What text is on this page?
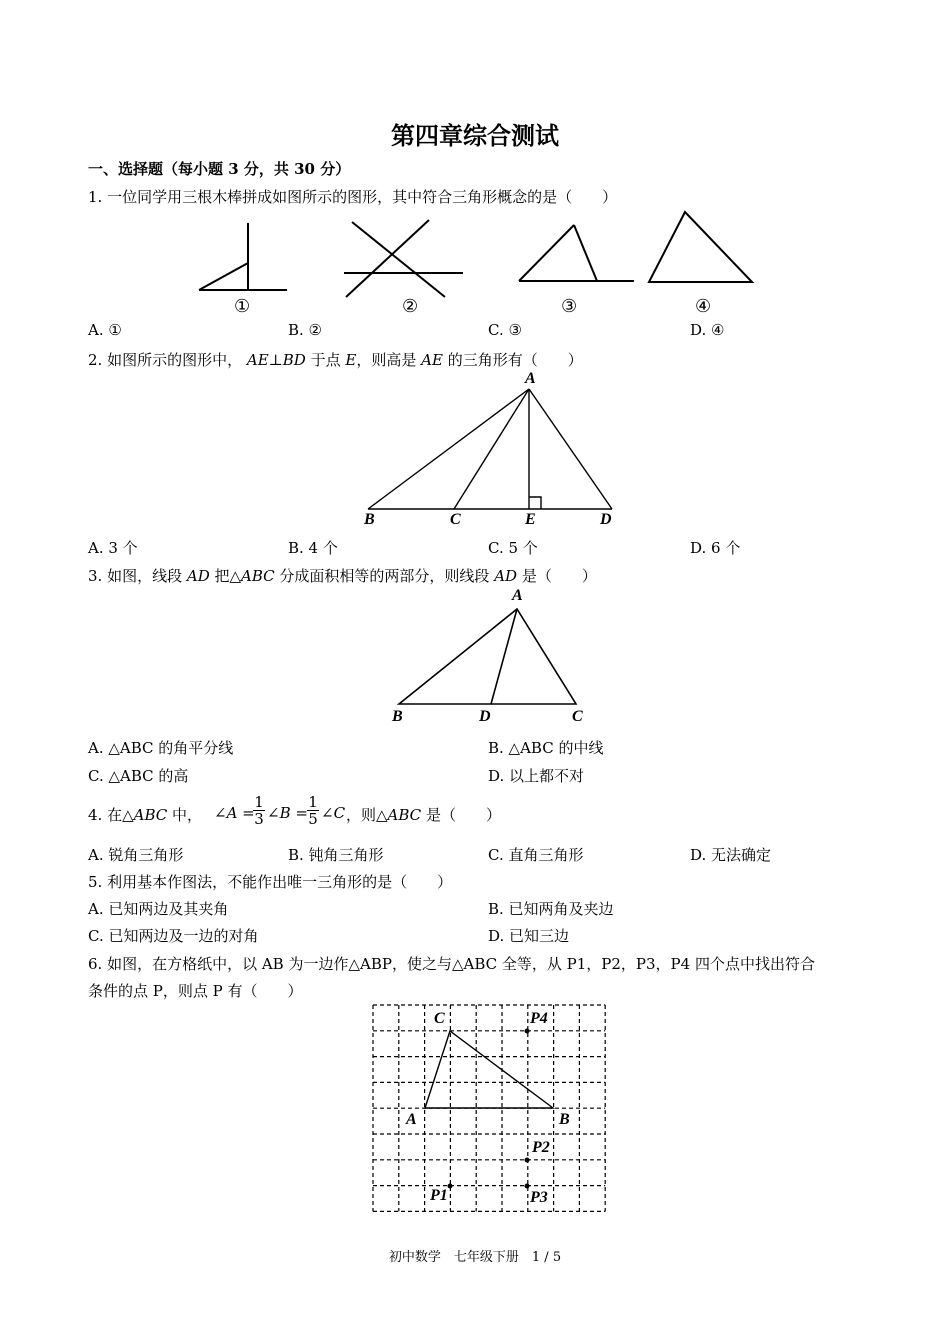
第四章综合测试
一、选择题（每小题 3 分，共 30 分）
1. 一位同学用三根木棒拼成如图所示的图形，其中符合三角形概念的是（　　）
①	②	③	④
A. ①	B. ②	C. ③	D. ④
2. 如图所示的图形中， AE⊥BD 于点 E，则高是 AE 的三角形有（　　）
A
B	C	E	D
A. 3 个	B. 4 个	C. 5 个	D. 6 个
3. 如图，线段 AD 把△ABC 分成面积相等的两部分，则线段 AD 是（　　）
A
B	D	C
A. △ABC 的角平分线	B. △ABC 的中线
C. △ABC 的高	D. 以上都不对
4. 在△ABC 中， ∠A =
1
3 ∠B =
1
5 ∠C ，则△ABC 是（　　）
A. 锐角三角形	B. 钝角三角形	C. 直角三角形	D. 无法确定
5. 利用基本作图法，不能作出唯一三角形的是（　　）
A. 已知两边及其夹角	B. 已知两角及夹边
C. 已知两边及一边的对角	D. 已知三边
6. 如图，在方格纸中，以 AB 为一边作△ABP，使之与△ABC 全等，从 P1，P2，P3，P4 四个点中找出符合
条件的点 P，则点 P 有（　　）
C
A	B
P4
P2
P1	P3
初中数学　七年级下册　1 / 5
